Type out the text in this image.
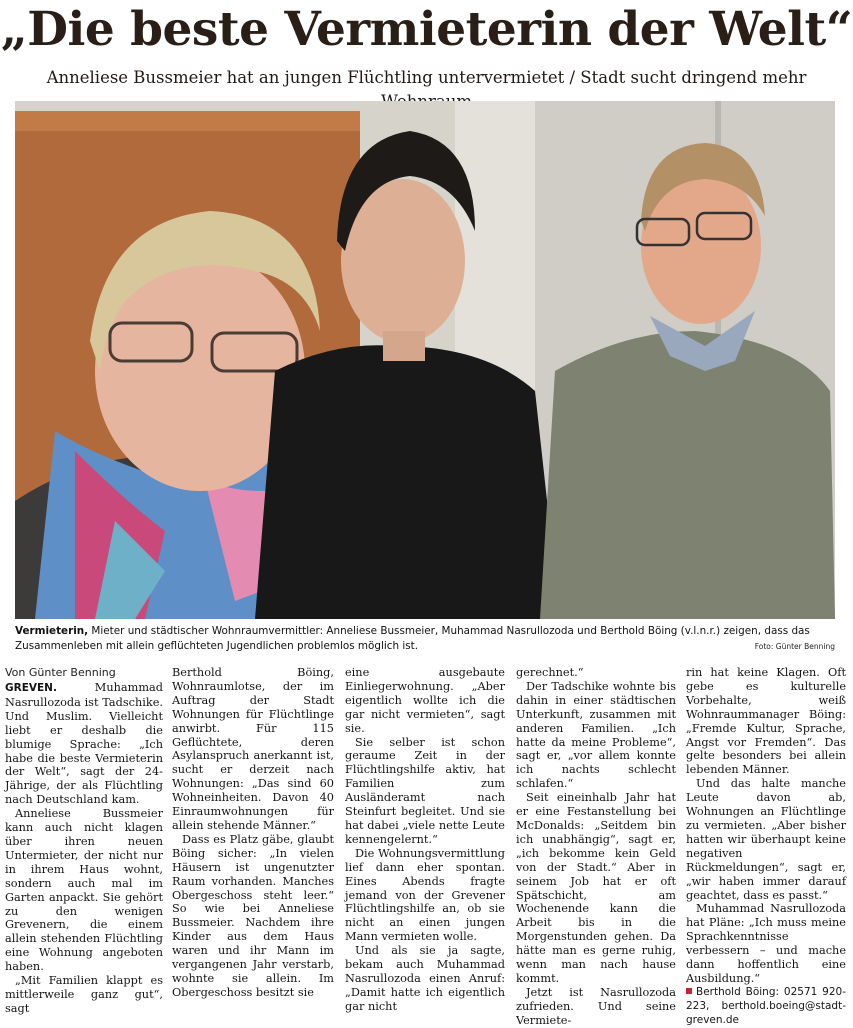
„Die beste Vermieterin der Welt“
Anneliese Bussmeier hat an jungen Flüchtling untervermietet / Stadt sucht dringend mehr
Vermieterin, Mieter und städtischer Wohnraumvermittler: Anneliese Bussmeier, Muhammad Nasrullozoda und Berthold Böing (v.l.n.r.) zeigen, dass das Zusammenleben mit allein geflüchteten Jugendlichen problemlos möglich ist.	Foto: Günter Benning
Von Günter Benning

GREVEN. Muhammad Nasrullozoda ist Tadschike. Und Muslim. Vielleicht liebt er deshalb die blumige Sprache: „Ich habe die beste Vermieterin der Welt“, sagt der 24-Jährige, der als Flüchtling nach Deutschland kam.

Anneliese Bussmeier kann auch nicht klagen über ihren neuen Untermieter, der nicht nur in ihrem Haus wohnt, sondern auch mal im Garten anpackt. Sie gehört zu den wenigen Grevenern, die einem allein stehenden Flüchtling eine Wohnung angeboten haben.

„Mit Familien klappt es mittlerweile ganz gut“, sagt

Berthold Böing, Wohnraumlotse, der im Auftrag der Stadt Wohnungen für Flüchtlinge anwirbt. Für 115 Geflüchtete, deren Asylanspruch anerkannt ist, sucht er derzeit nach Wohnungen: „Das sind 60 Wohneinheiten. Davon 40 Einraumwohnungen für allein stehende Männer.“

Dass es Platz gäbe, glaubt Böing sicher: „In vielen Häusern ist ungenutzter Raum vorhanden. Manches Obergeschoss steht leer.“ So wie bei Anneliese Bussmeier. Nachdem ihre Kinder aus dem Haus waren und ihr Mann im vergangenen Jahr verstarb, wohnte sie allein. Im Obergeschoss besitzt sie

eine ausgebaute Einliegerwohnung. „Aber eigentlich wollte ich die gar nicht vermieten“, sagt sie.

Sie selber ist schon geraume Zeit in der Flüchtlingshilfe aktiv, hat Familien zum Ausländeramt nach Steinfurt begleitet. Und sie hat dabei „viele nette Leute kennengelernt.“

Die Wohnungsvermittlung lief dann eher spontan. Eines Abends fragte jemand von der Grevener Flüchtlingshilfe an, ob sie nicht an einen jungen Mann vermieten wolle.

Und als sie ja sagte, bekam auch Muhammad Nasrullozoda einen Anruf: „Damit hatte ich eigentlich gar nicht

gerechnet.“

Der Tadschike wohnte bis dahin in einer städtischen Unterkunft, zusammen mit anderen Familien. „Ich hatte da meine Probleme“, sagt er, „vor allem konnte ich nachts schlecht schlafen.“

Seit eineinhalb Jahr hat er eine Festanstellung bei McDonalds: „Seitdem bin ich unabhängig“, sagt er, „ich bekomme kein Geld von der Stadt.“ Aber in seinem Job hat er oft Spätschicht, am Wochenende kann die Arbeit bis in die Morgenstunden gehen. Da hätte man es gerne ruhig, wenn man nach hause kommt.

Jetzt ist Nasrullozoda zufrieden. Und seine Vermiete-

rin hat keine Klagen. Oft gebe es kulturelle Vorbehalte, weiß Wohnraummanager Böing: „Fremde Kultur, Sprache, Angst vor Fremden“. Das gelte besonders bei allein lebenden Männer.

Und das halte manche Leute davon ab, Wohnungen an Flüchtlinge zu vermieten. „Aber bisher hatten wir überhaupt keine negativen Rückmeldungen“, sagt er, „wir haben immer darauf geachtet, dass es passt.“

Muhammad Nasrullozoda hat Pläne: „Ich muss meine Sprachkenntnisse verbessern – und mache dann hoffentlich eine Ausbildung.“

Berthold Böing: 02571 920-223, berthold.boeing@stadt-greven.de
